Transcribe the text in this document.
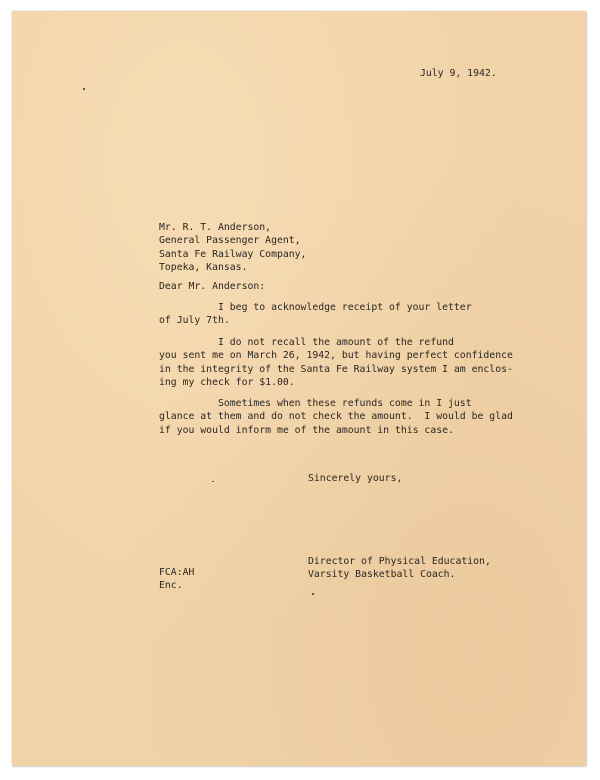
July 9, 1942.
Mr. R. T. Anderson,
General Passenger Agent,
Santa Fe Railway Company,
Topeka, Kansas.
Dear Mr. Anderson:
I beg to acknowledge receipt of your letter
of July 7th.
I do not recall the amount of the refund
you sent me on March 26, 1942, but having perfect confidence
in the integrity of the Santa Fe Railway system I am enclos-
ing my check for $1.00.
Sometimes when these refunds come in I just
glance at them and do not check the amount.  I would be glad
if you would inform me of the amount in this case.
Sincerely yours,
Director of Physical Education,
Varsity Basketball Coach.
FCA:AH
Enc.
